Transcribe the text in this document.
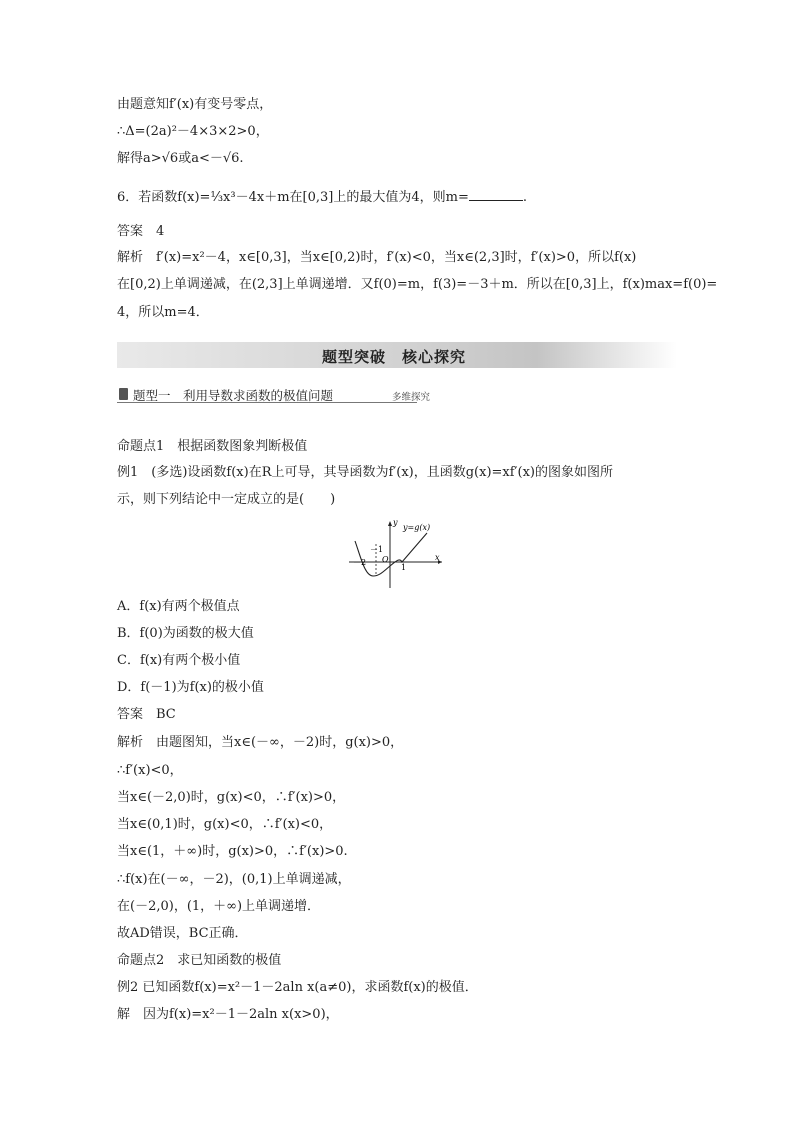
由题意知f′(x)有变号零点，
∴Δ=(2a)²－4×3×2>0，
解得a>√6或a<－√6.
6．若函数f(x)=⅓x³－4x＋m在[0,3]上的最大值为4，则m=	.
答案　4
解析　f′(x)=x²－4，x∈[0,3]，当x∈[0,2)时，f′(x)<0，当x∈(2,3]时，f′(x)>0，所以f(x)
在[0,2)上单调递减，在(2,3]上单调递增．又f(0)=m，f(3)=－3＋m．所以在[0,3]上，f(x)max=f(0)=
4，所以m=4．
命题点1　根据函数图象判断极值
例1　(多选)设函数f(x)在R上可导，其导函数为f′(x)，且函数g(x)=xf′(x)的图象如图所
示，则下列结论中一定成立的是(　　)
A．f(x)有两个极值点
B．f(0)为函数的极大值
C．f(x)有两个极小值
D．f(－1)为f(x)的极小值
答案　BC
解析　由题图知，当x∈(－∞，－2)时，g(x)>0，
∴f′(x)<0，
当x∈(－2,0)时，g(x)<0，∴f′(x)>0，
当x∈(0,1)时，g(x)<0，∴f′(x)<0，
当x∈(1，＋∞)时，g(x)>0，∴f′(x)>0.
∴f(x)在(－∞，－2)，(0,1)上单调递减，
在(－2,0)，(1，＋∞)上单调递增．
故AD错误，BC正确．
命题点2　求已知函数的极值
例2 已知函数f(x)=x²－1－2aln x(a≠0)，求函数f(x)的极值．
解　因为f(x)=x²－1－2aln x(x>0)，
题型突破　核心探究
题型一　利用导数求函数的极值问题	多维探究
y
x
y=g(x)
O
－2
－1
1
